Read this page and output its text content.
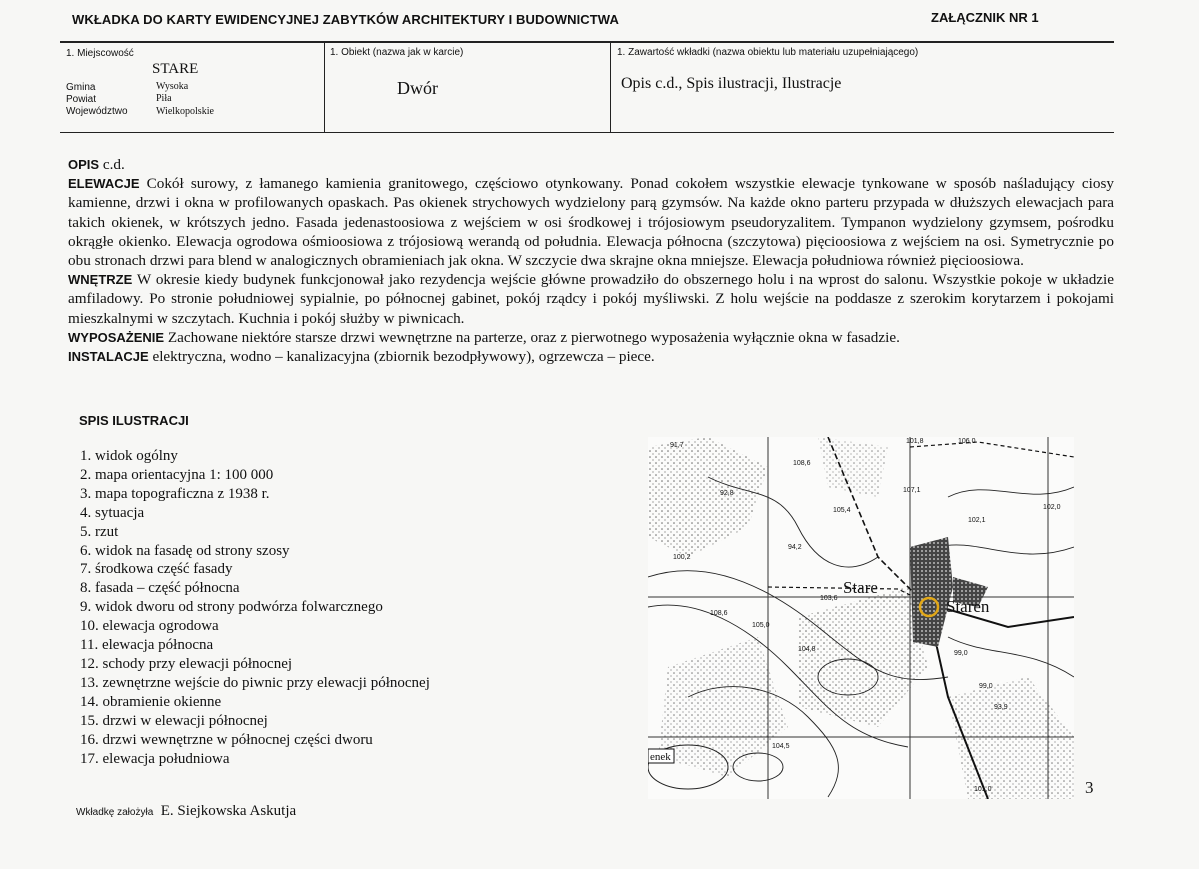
WKŁADKA DO KARTY EWIDENCYJNEJ ZABYTKÓW ARCHITEKTURY I BUDOWNICTWA	ZAŁĄCZNIK NR 1
1. Miejscowość
STARE
Gmina	Wysoka
Powiat	Piła
Województwo	Wielkopolskie
1. Obiekt (nazwa jak w karcie)
Dwór
1. Zawartość wkładki (nazwa obiektu lub materiału uzupełniającego)
Opis c.d., Spis ilustracji, Ilustracje

OPIS c.d.

ELEWACJE Cokół surowy, z łamanego kamienia granitowego, częściowo otynkowany. Ponad cokołem wszystkie elewacje tynkowane w sposób naśladujący ciosy kamienne, drzwi i okna w profilowanych opaskach. Pas okienek strychowych wydzielony parą gzymsów. Na każde okno parteru przypada w dłuższych elewacjach para takich okienek, w krótszych jedno. Fasada jedenastoosiowa z wejściem w osi środkowej i trójosiowym pseudoryzalitem. Tympanon wydzielony gzymsem, pośrodku okrągłe okienko. Elewacja ogrodowa ośmioosiowa z trójosiową werandą od południa. Elewacja północna (szczytowa) pięcioosiowa z wejściem na osi. Symetrycznie po obu stronach drzwi para blend w analogicznych obramieniach jak okna. W szczycie dwa skrajne okna mniejsze. Elewacja południowa również pięcioosiowa.

WNĘTRZE W okresie kiedy budynek funkcjonował jako rezydencja wejście główne prowadziło do obszernego holu i na wprost do salonu. Wszystkie pokoje w układzie amfiladowy. Po stronie południowej sypialnie, po północnej gabinet, pokój rządcy i pokój myśliwski. Z holu wejście na poddasze z szerokim korytarzem i pokojami mieszkalnymi w szczytach. Kuchnia i pokój służby w piwnicach.

WYPOSAŻENIE Zachowane niektóre starsze drzwi wewnętrzne na parterze, oraz z pierwotnego wyposażenia wyłącznie okna w fasadzie.

INSTALACJE elektryczna, wodno – kanalizacyjna (zbiornik bezodpływowy), ogrzewcza – piece.

SPIS ILUSTRACJI
1. widok ogólny
2. mapa orientacyjna 1: 100 000
3. mapa topograficzna z 1938 r.
4. sytuacja
5. rzut
6. widok na fasadę od strony szosy
7. środkowa część fasady
8. fasada – część północna
9. widok dworu od strony podwórza folwarcznego
10. elewacja ogrodowa
11. elewacja północna
12. schody przy elewacji północnej
13. zewnętrzne wejście do piwnic przy elewacji północnej
14. obramienie okienne
15. drzwi w elewacji północnej
16. drzwi wewnętrzne w północnej części dworu
17. elewacja południowa
Wkładkę założyła E. Siejkowska Askutja
Stare
Staren
enek
91,7
101,8	106,0
108,6
107,1
105,4
102,1
102,0
92,8
100,2
94,2
108,6
103,6
105,0
104,8
99,0
99,0
93,9
104,5
101,0	3
